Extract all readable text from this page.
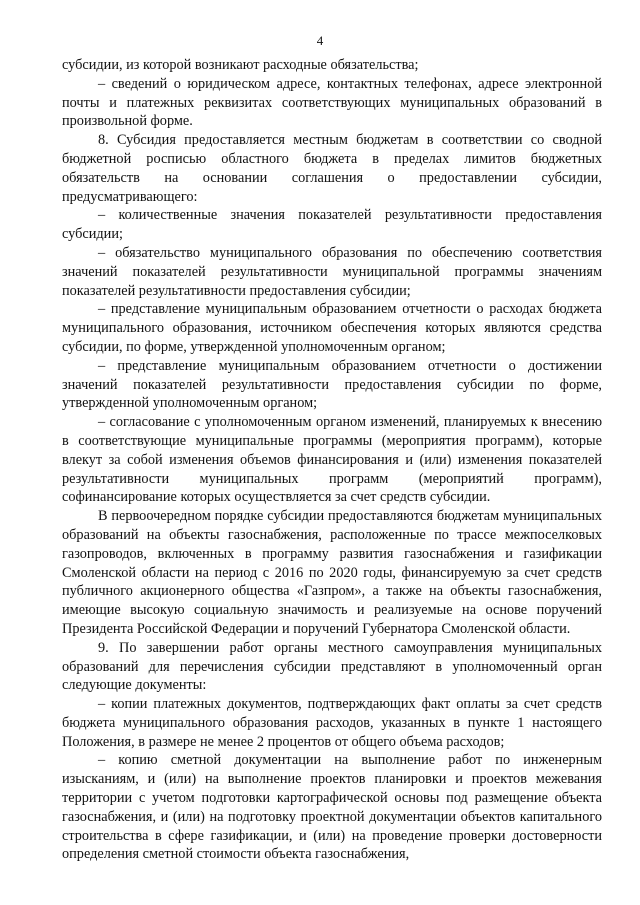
4

субсидии, из которой возникают расходные обязательства;

– сведений о юридическом адресе, контактных телефонах, адресе электронной почты и платежных реквизитах соответствующих муниципальных образований в произвольной форме.

8. Субсидия предоставляется местным бюджетам в соответствии со сводной бюджетной росписью областного бюджета в пределах лимитов бюджетных обязательств на основании соглашения о предоставлении субсидии, предусматривающего:

– количественные значения показателей результативности предоставления субсидии;

– обязательство муниципального образования по обеспечению соответствия значений показателей результативности муниципальной программы значениям показателей результативности предоставления субсидии;

– представление муниципальным образованием отчетности о расходах бюджета муниципального образования, источником обеспечения которых являются средства субсидии, по форме, утвержденной уполномоченным органом;

– представление муниципальным образованием отчетности о достижении значений показателей результативности предоставления субсидии по форме, утвержденной уполномоченным органом;

– согласование с уполномоченным органом изменений, планируемых к внесению в соответствующие муниципальные программы (мероприятия программ), которые влекут за собой изменения объемов финансирования и (или) изменения показателей результативности муниципальных программ (мероприятий программ), софинансирование которых осуществляется за счет средств субсидии.

В первоочередном порядке субсидии предоставляются бюджетам муниципальных образований на объекты газоснабжения, расположенные по трассе межпоселковых газопроводов, включенных в программу развития газоснабжения и газификации Смоленской области на период с 2016 по 2020 годы, финансируемую за счет средств публичного акционерного общества «Газпром», а также на объекты газоснабжения, имеющие высокую социальную значимость и реализуемые на основе поручений Президента Российской Федерации и поручений Губернатора Смоленской области.

9. По завершении работ органы местного самоуправления муниципальных образований для перечисления субсидии представляют в уполномоченный орган следующие документы:

– копии платежных документов, подтверждающих факт оплаты за счет средств бюджета муниципального образования расходов, указанных в пункте 1 настоящего Положения, в размере не менее 2 процентов от общего объема расходов;

– копию сметной документации на выполнение работ по инженерным изысканиям, и (или) на выполнение проектов планировки и проектов межевания территории с учетом подготовки картографической основы под размещение объекта газоснабжения, и (или) на подготовку проектной документации объектов капитального строительства в сфере газификации, и (или) на проведение проверки достоверности определения сметной стоимости объекта газоснабжения,
